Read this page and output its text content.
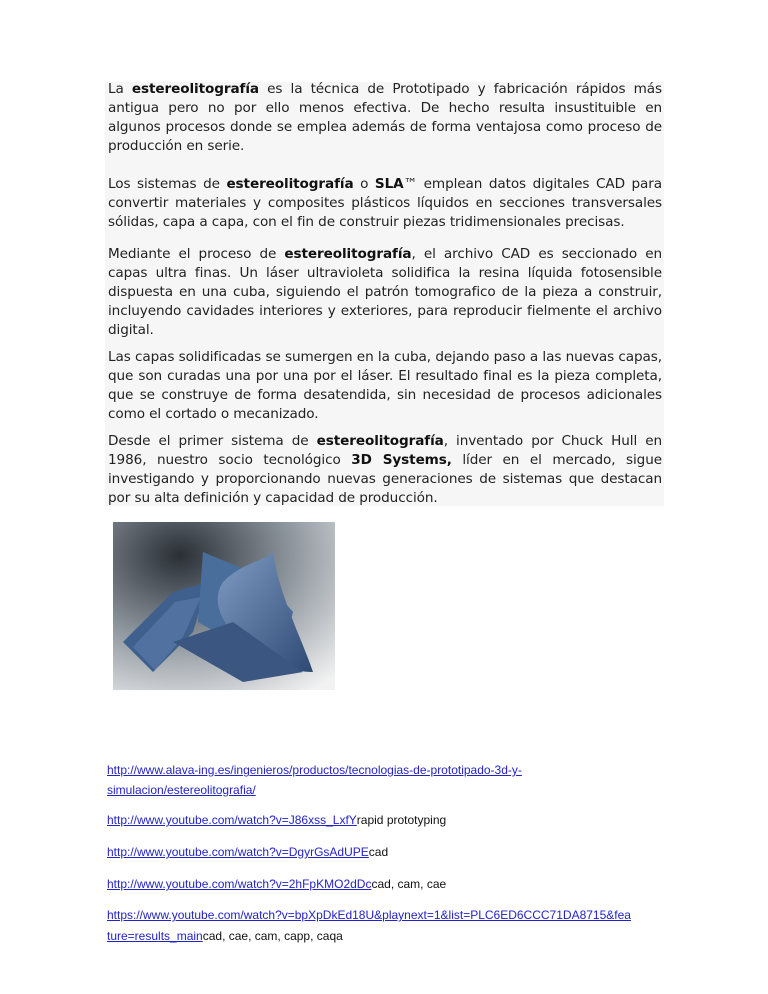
La estereolitografía es la técnica de Prototipado y fabricación rápidos más antigua pero no por ello menos efectiva. De hecho resulta insustituible en algunos procesos donde se emplea además de forma ventajosa como proceso de producción en serie.

Los sistemas de estereolitografía o SLA™ emplean datos digitales CAD para convertir materiales y composites plásticos líquidos en secciones transversales sólidas, capa a capa, con el fin de construir piezas tridimensionales precisas.

Mediante el proceso de estereolitografía, el archivo CAD es seccionado en capas ultra finas. Un láser ultravioleta solidifica la resina líquida fotosensible dispuesta en una cuba, siguiendo el patrón tomografico de la pieza a construir, incluyendo cavidades interiores y exteriores, para reproducir fielmente el archivo digital.

Las capas solidificadas se sumergen en la cuba, dejando paso a las nuevas capas, que son curadas una por una por el láser. El resultado final es la pieza completa, que se construye de forma desatendida, sin necesidad de procesos adicionales como el cortado o mecanizado.

Desde el primer sistema de estereolitografía, inventado por Chuck Hull en 1986, nuestro socio tecnológico 3D Systems, líder en el mercado, sigue investigando y proporcionando nuevas generaciones de sistemas que destacan por su alta definición y capacidad de producción.

http://www.alava-ing.es/ingenieros/productos/tecnologias-de-prototipado-3d-y-
simulacion/estereolitografia/
http://www.youtube.com/watch?v=J86xss_LxfYrapid prototyping
http://www.youtube.com/watch?v=DgyrGsAdUPEcad
http://www.youtube.com/watch?v=2hFpKMO2dDccad, cam, cae
https://www.youtube.com/watch?v=bpXpDkEd18U&playnext=1&list=PLC6ED6CCC71DA8715&fea
ture=results_maincad, cae, cam, capp, caqa
